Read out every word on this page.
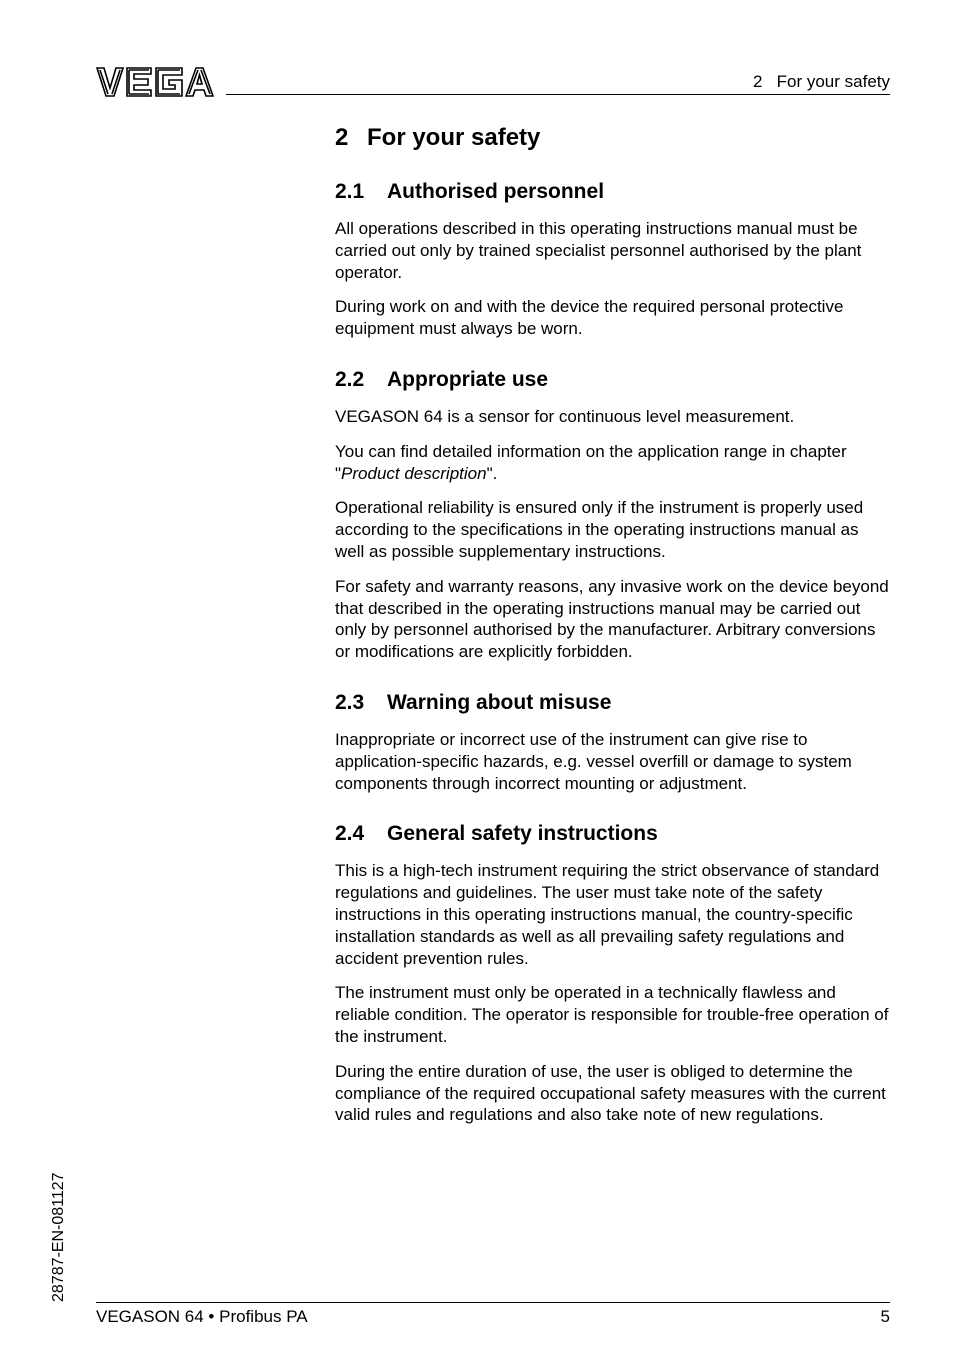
2   For your safety
2 For your safety
2.1 Authorised personnel

All operations described in this operating instructions manual must be carried out only by trained specialist personnel authorised by the plant operator.

During work on and with the device the required personal protective equipment must always be worn.

2.2 Appropriate use

VEGASON 64 is a sensor for continuous level measurement.

You can find detailed information on the application range in chapter "Product description".

Operational reliability is ensured only if the instrument is properly used according to the specifications in the operating instructions manual as well as possible supplementary instructions.

For safety and warranty reasons, any invasive work on the device beyond that described in the operating instructions manual may be carried out only by personnel authorised by the manufacturer. Arbitrary conversions or modifications are explicitly forbidden.

2.3 Warning about misuse

Inappropriate or incorrect use of the instrument can give rise to application-specific hazards, e.g. vessel overfill or damage to system components through incorrect mounting or adjustment.

2.4 General safety instructions

This is a high-tech instrument requiring the strict observance of standard regulations and guidelines. The user must take note of the safety instructions in this operating instructions manual, the country-specific installation standards as well as all prevailing safety regulations and accident prevention rules.

The instrument must only be operated in a technically flawless and reliable condition. The operator is responsible for trouble-free operation of the instrument.

During the entire duration of use, the user is obliged to determine the compliance of the required occupational safety measures with the current valid rules and regulations and also take note of new regulations.

28787-EN-081127
VEGASON 64 • Profibus PA	5
